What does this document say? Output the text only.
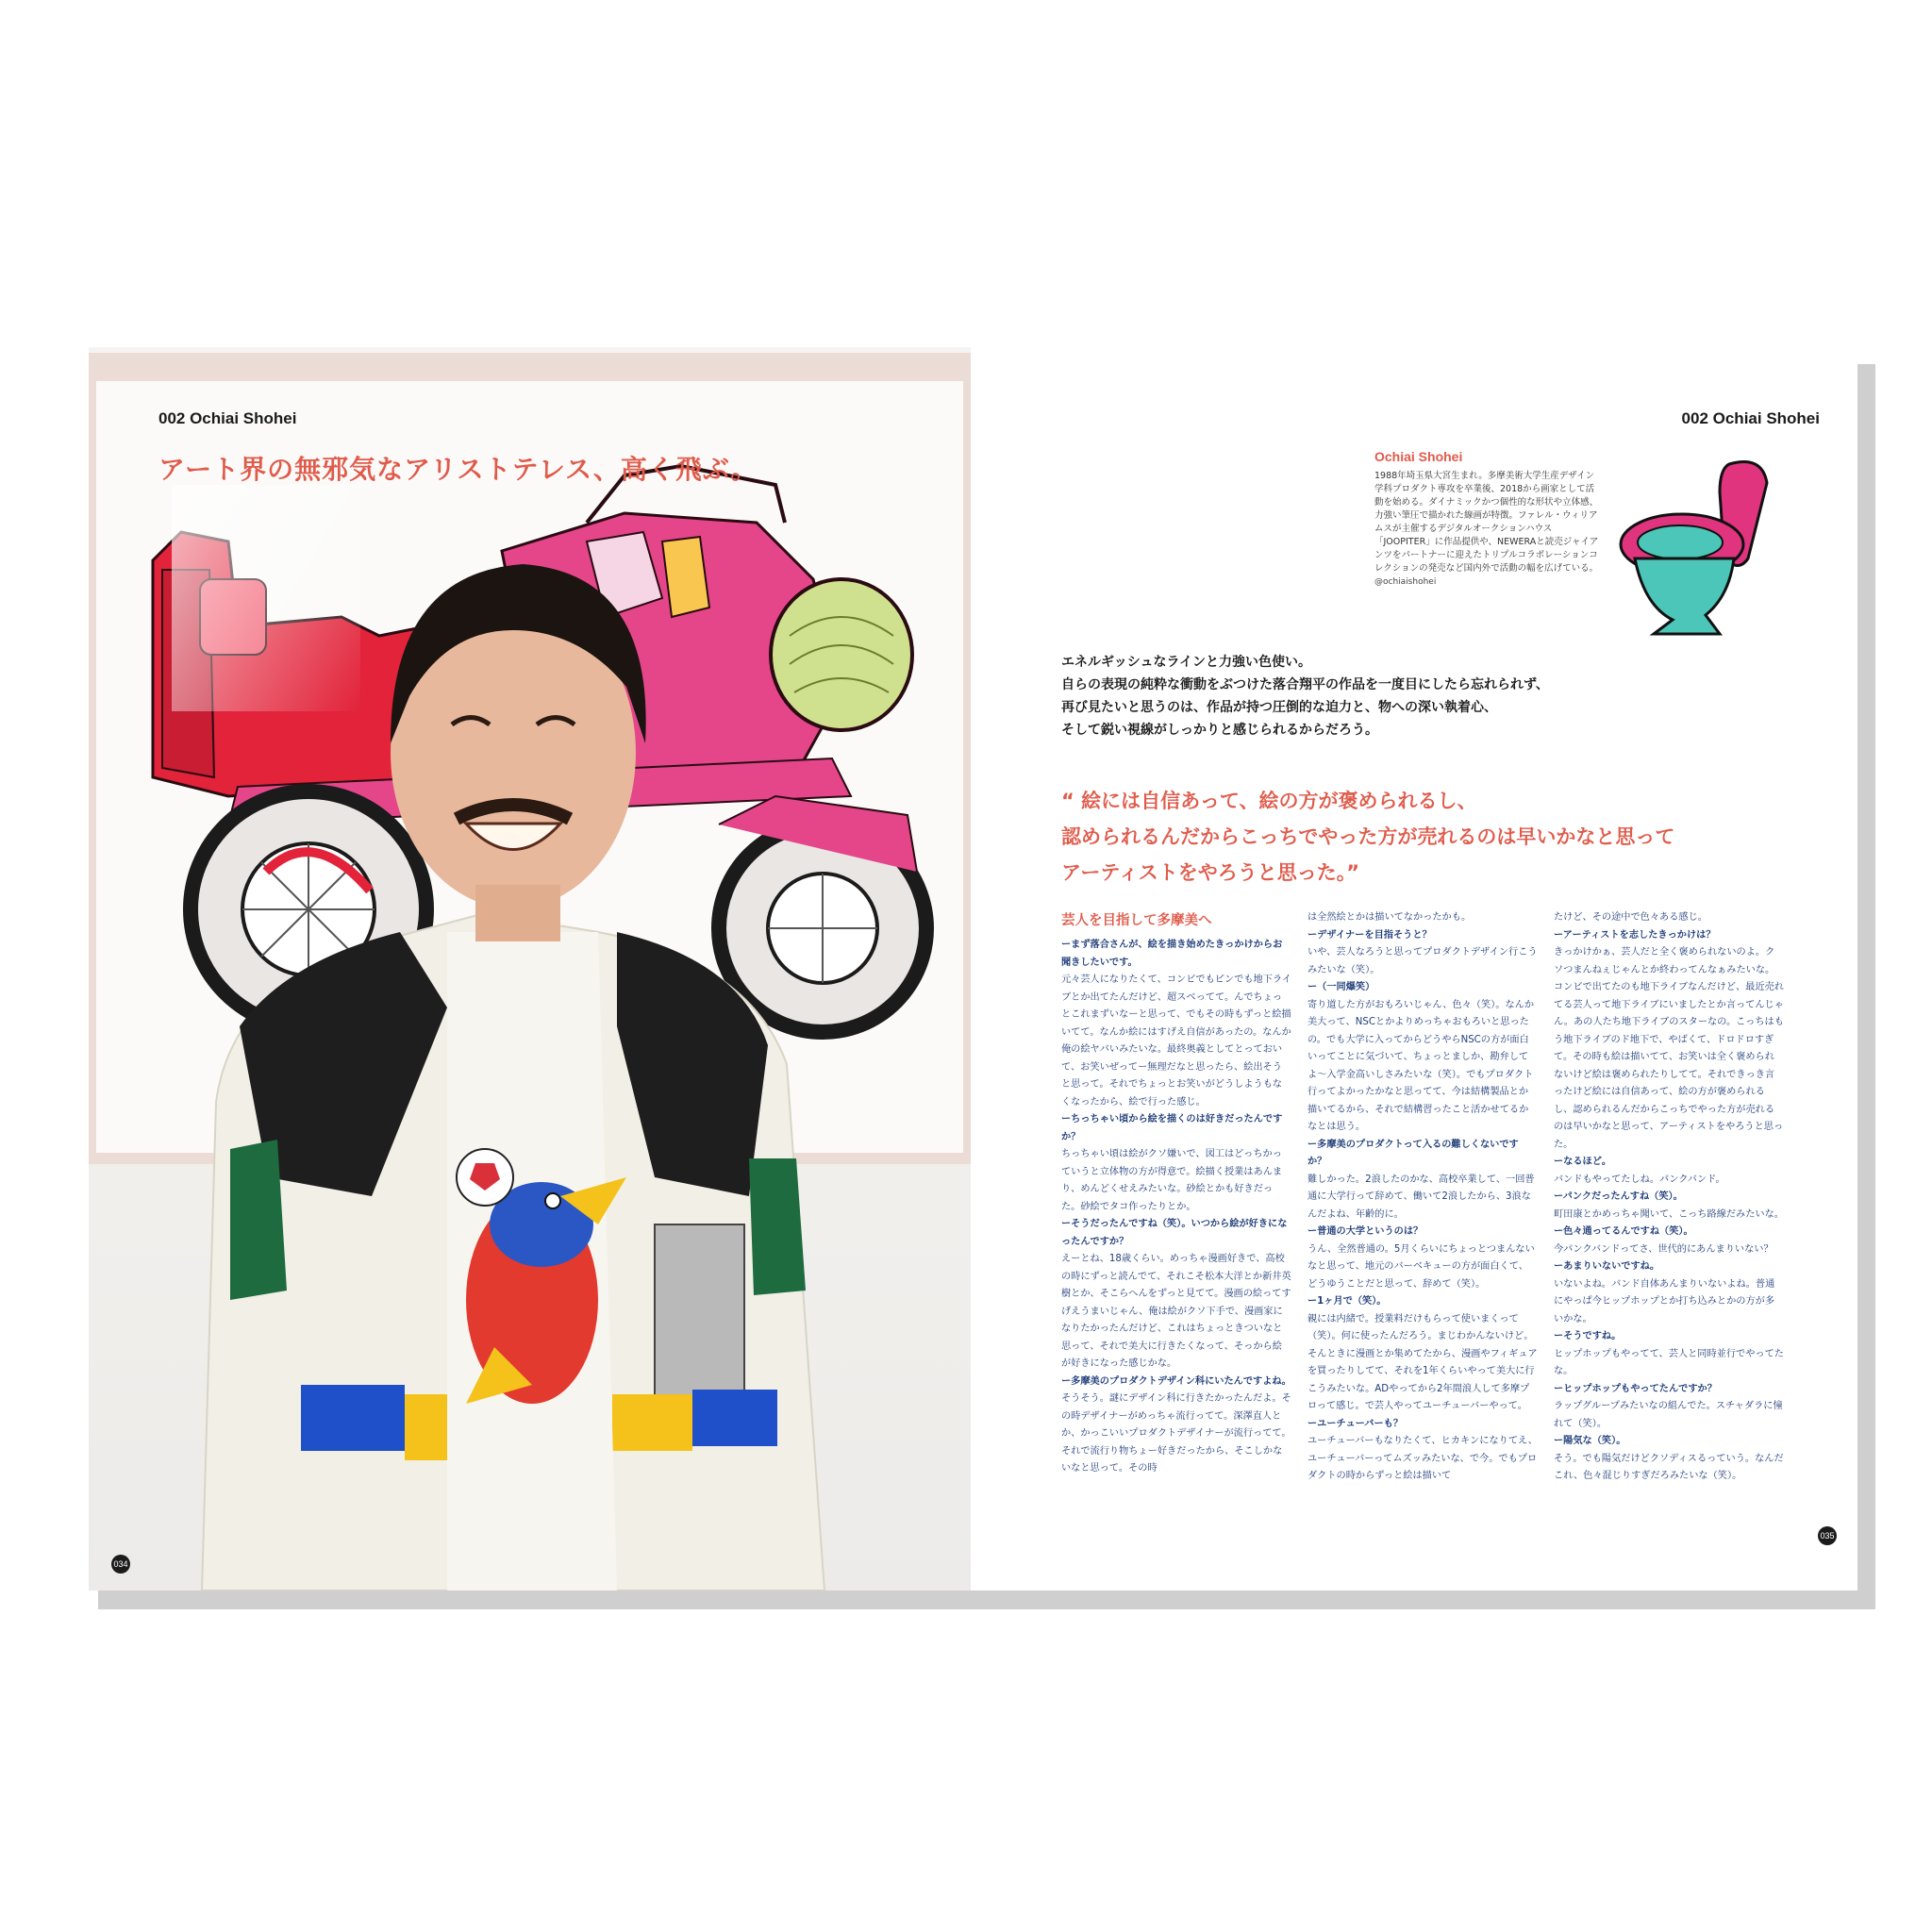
002 Ochiai Shohei
アート界の無邪気なアリストテレス、高く飛ぶ。
034
002 Ochiai Shohei
Ochiai Shohei
1988年埼玉県大宮生まれ。多摩美術大学生産デザイン学科プロダクト専攻を卒業後、2018から画家として活動を始める。ダイナミックかつ個性的な形状や立体感、力強い筆圧で描かれた線画が特徴。ファレル・ウィリアムスが主催するデジタルオークションハウス「JOOPITER」に作品提供や、NEWERAと読売ジャイアンツをパートナーに迎えたトリプルコラボレーションコレクションの発売など国内外で活動の幅を広げている。
@ochiaishohei

エネルギッシュなラインと力強い色使い。

自らの表現の純粋な衝動をぶつけた落合翔平の作品を一度目にしたら忘れられず、

再び見たいと思うのは、作品が持つ圧倒的な迫力と、物への深い執着心、

そして鋭い視線がしっかりと感じられるからだろう。

“ 絵には自信あって、絵の方が褒められるし、

認められるんだからこっちでやった方が売れるのは早いかなと思って

アーティストをやろうと思った。”

芸人を目指して多摩美へ

ーまず落合さんが、絵を描き始めたきっかけからお聞きしたいです。

元々芸人になりたくて、コンビでもピンでも地下ライブとか出てたんだけど、超スベってて。んでちょっとこれまずいなーと思って、でもその時もずっと絵描いてて。なんか絵にはすげえ自信があったの。なんか俺の絵ヤバいみたいな。最終奥義としてとっておいて、お笑いぜってー無理だなと思ったら、絵出そうと思って。それでちょっとお笑いがどうしようもなくなったから、絵で行った感じ。

ーちっちゃい頃から絵を描くのは好きだったんですか？

ちっちゃい頃は絵がクソ嫌いで、図工はどっちかっていうと立体物の方が得意で。絵描く授業はあんまり、めんどくせえみたいな。砂絵とかも好きだった。砂絵でタコ作ったりとか。

ーそうだったんですね（笑）。いつから絵が好きになったんですか？

えーとね、18歳くらい。めっちゃ漫画好きで、高校の時にずっと読んでて、それこそ松本大洋とか新井英樹とか、そこらへんをずっと見てて。漫画の絵ってすげえうまいじゃん、俺は絵がクソ下手で、漫画家になりたかったんだけど、これはちょっときついなと思って、それで美大に行きたくなって、そっから絵が好きになった感じかな。

ー多摩美のプロダクトデザイン科にいたんですよね。

そうそう。謎にデザイン科に行きたかったんだよ。その時デザイナーがめっちゃ流行ってて。深澤直人とか、かっこいいプロダクトデザイナーが流行ってて。それで流行り物ちょー好きだったから、そこしかないなと思って。その時

は全然絵とかは描いてなかったかも。

ーデザイナーを目指そうと？

いや、芸人なろうと思ってプロダクトデザイン行こうみたいな（笑）。

ー（一同爆笑）

寄り道した方がおもろいじゃん、色々（笑）。なんか美大って、NSCとかよりめっちゃおもろいと思ったの。でも大学に入ってからどうやらNSCの方が面白いってことに気づいて、ちょっとましか、勘弁してよ〜入学金高いしさみたいな（笑）。でもプロダクト行ってよかったかなと思ってて、今は結構製品とか描いてるから、それで結構習ったこと活かせてるかなとは思う。

ー多摩美のプロダクトって入るの難しくないですか？

難しかった。2浪したのかな、高校卒業して、一回普通に大学行って辞めて、働いて2浪したから、3浪なんだよね、年齢的に。

ー普通の大学というのは？

うん、全然普通の。5月くらいにちょっとつまんないなと思って、地元のバーベキューの方が面白くて、どうゆうことだと思って、辞めて（笑）。

ー1ヶ月で（笑）。

親には内緒で。授業料だけもらって使いまくって（笑）。何に使ったんだろう。まじわかんないけど。そんときに漫画とか集めてたから、漫画やフィギュアを買ったりしてて、それを1年くらいやって美大に行こうみたいな。ADやってから2年間浪人して多摩プロって感じ。で芸人やってユーチューバーやって。

ーユーチューバーも？

ユーチューバーもなりたくて、ヒカキンになりてえ、ユーチューバーってムズッみたいな、で今。でもプロダクトの時からずっと絵は描いて

たけど、その途中で色々ある感じ。

ーアーティストを志したきっかけは？

きっかけかぁ、芸人だと全く褒められないのよ。クソつまんねぇじゃんとか終わってんなぁみたいな。コンビで出てたのも地下ライブなんだけど、最近売れてる芸人って地下ライブにいましたとか言ってんじゃん。あの人たち地下ライブのスターなの。こっちはもう地下ライブのド地下で、やばくて、ドロドロすぎて。その時も絵は描いてて、お笑いは全く褒められないけど絵は褒められたりしてて。それできっき言ったけど絵には自信あって、絵の方が褒められるし、認められるんだからこっちでやった方が売れるのは早いかなと思って、アーティストをやろうと思った。

ーなるほど。

バンドもやってたしね。パンクバンド。

ーパンクだったんすね（笑）。

町田康とかめっちゃ聞いて、こっち路線だみたいな。

ー色々通ってるんですね（笑）。

今パンクバンドってさ、世代的にあんまりいない？

ーあまりいないですね。

いないよね。バンド自体あんまりいないよね。普通にやっぱ今ヒップホップとか打ち込みとかの方が多いかな。

ーそうですね。

ヒップホップもやってて、芸人と同時並行でやってたな。

ーヒップホップもやってたんですか？

ラップグループみたいなの組んでた。スチャダラに憧れて（笑）。

ー陽気な（笑）。

そう。でも陽気だけどクソディスるっていう。なんだこれ、色々混じりすぎだろみたいな（笑）。

035
